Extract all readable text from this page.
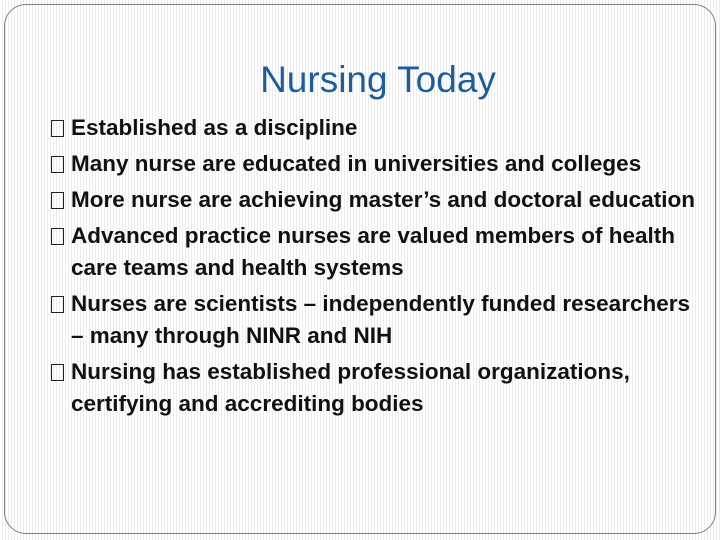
Nursing Today
Established as a discipline
Many nurse are educated in universities and colleges
More nurse are achieving master’s and doctoral education
Advanced practice nurses are valued members of health care teams and health systems
Nurses are scientists – independently funded researchers – many through NINR and NIH
Nursing has established professional organizations, certifying and accrediting bodies
